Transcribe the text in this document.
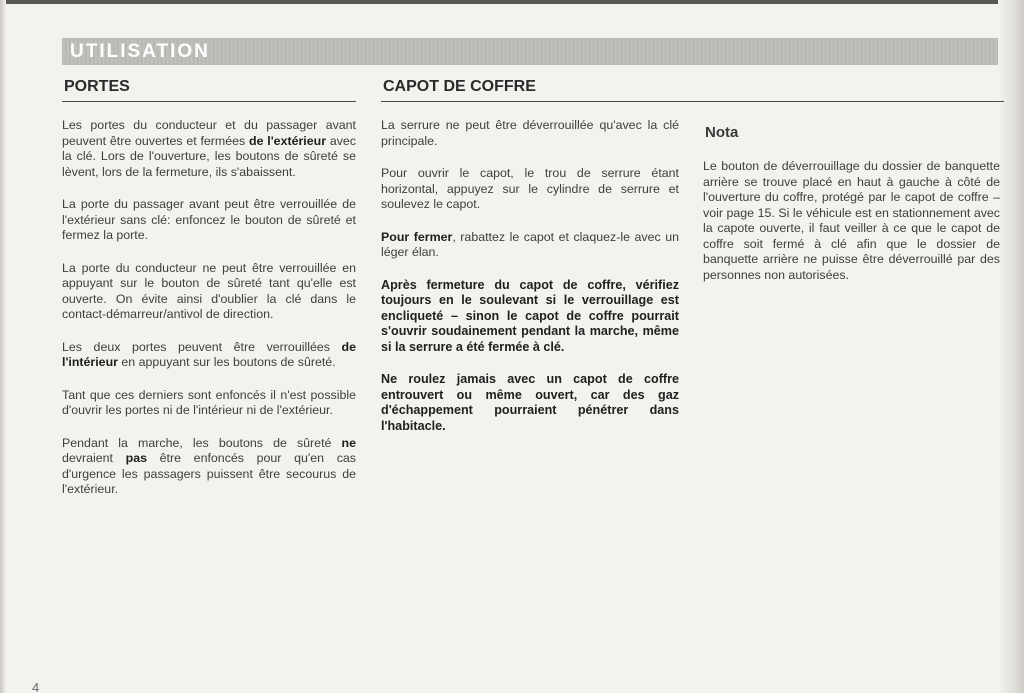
UTILISATION
PORTES

Les portes du conducteur et du passager avant peuvent être ouvertes et fermées de l'extérieur avec la clé. Lors de l'ouverture, les boutons de sûreté se lèvent, lors de la fermeture, ils s'abaissent.

La porte du passager avant peut être verrouillée de l'extérieur sans clé: enfoncez le bouton de sûreté et fermez la porte.

La porte du conducteur ne peut être verrouillée en appuyant sur le bouton de sûreté tant qu'elle est ouverte. On évite ainsi d'oublier la clé dans le contact-démarreur/antivol de direction.

Les deux portes peuvent être verrouillées de l'intérieur en appuyant sur les boutons de sûreté.

Tant que ces derniers sont enfoncés il n'est possible d'ouvrir les portes ni de l'intérieur ni de l'extérieur.

Pendant la marche, les boutons de sûreté ne devraient pas être enfoncés pour qu'en cas d'urgence les passagers puissent être secourus de l'extérieur.

CAPOT DE COFFRE

La serrure ne peut être déverrouillée qu'avec la clé principale.

Pour ouvrir le capot, le trou de serrure étant horizontal, appuyez sur le cylindre de serrure et soulevez le capot.

Pour fermer, rabattez le capot et claquez-le avec un léger élan.

Après fermeture du capot de coffre, vérifiez toujours en le soulevant si le verrouillage est encliqueté – sinon le capot de coffre pourrait s'ouvrir soudainement pendant la marche, même si la serrure a été fermée à clé.

Ne roulez jamais avec un capot de coffre entrouvert ou même ouvert, car des gaz d'échappement pourraient pénétrer dans l'habitacle.

Nota

Le bouton de déverrouillage du dossier de banquette arrière se trouve placé en haut à gauche à côté de l'ouverture du coffre, protégé par le capot de coffre – voir page 15. Si le véhicule est en stationnement avec la capote ouverte, il faut veiller à ce que le capot de coffre soit fermé à clé afin que le dossier de banquette arrière ne puisse être déverrouillé par des personnes non autorisées.

4
